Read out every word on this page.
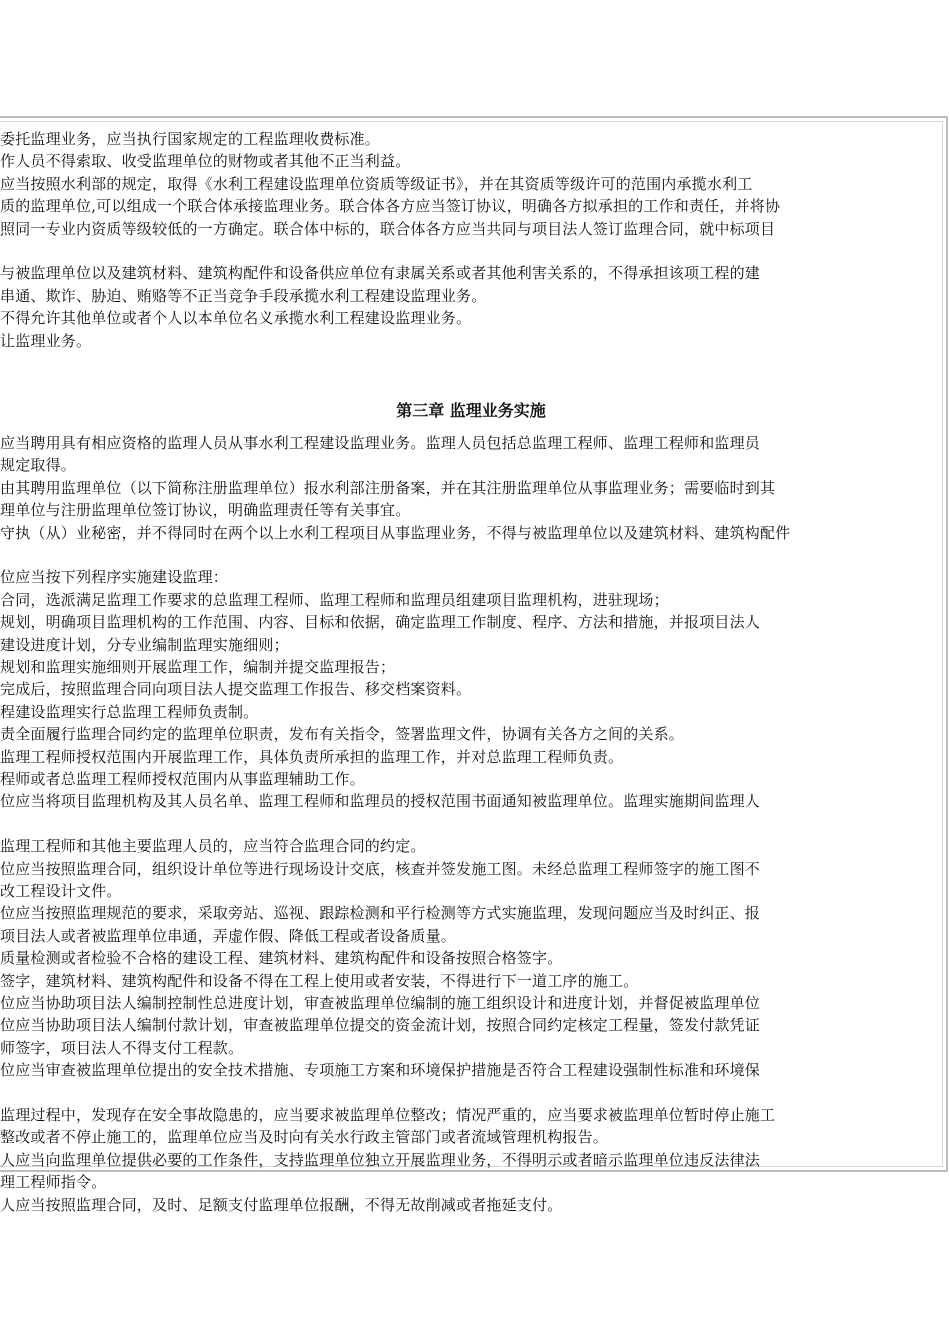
第三章 监理业务实施
委托监理业务，应当执行国家规定的工程监理收费标准。
作人员不得索取、收受监理单位的财物或者其他不正当利益。
应当按照水利部的规定，取得《水利工程建设监理单位资质等级证书》，并在其资质等级许可的范围内承揽水利工
质的监理单位,可以组成一个联合体承接监理业务。联合体各方应当签订协议，明确各方拟承担的工作和责任，并将协
照同一专业内资质等级较低的一方确定。联合体中标的，联合体各方应当共同与项目法人签订监理合同，就中标项目
与被监理单位以及建筑材料、建筑构配件和设备供应单位有隶属关系或者其他利害关系的，不得承担该项工程的建
串通、欺诈、胁迫、贿赂等不正当竞争手段承揽水利工程建设监理业务。
不得允许其他单位或者个人以本单位名义承揽水利工程建设监理业务。
让监理业务。
应当聘用具有相应资格的监理人员从事水利工程建设监理业务。监理人员包括总监理工程师、监理工程师和监理员
规定取得。
由其聘用监理单位（以下简称注册监理单位）报水利部注册备案，并在其注册监理单位从事监理业务；需要临时到其
理单位与注册监理单位签订协议，明确监理责任等有关事宜。
守执（从）业秘密，并不得同时在两个以上水利工程项目从事监理业务，不得与被监理单位以及建筑材料、建筑构配件
位应当按下列程序实施建设监理：
合同，选派满足监理工作要求的总监理工程师、监理工程师和监理员组建项目监理机构，进驻现场；
规划，明确项目监理机构的工作范围、内容、目标和依据，确定监理工作制度、程序、方法和措施，并报项目法人
建设进度计划，分专业编制监理实施细则；
规划和监理实施细则开展监理工作，编制并提交监理报告；
完成后，按照监理合同向项目法人提交监理工作报告、移交档案资料。
程建设监理实行总监理工程师负责制。
责全面履行监理合同约定的监理单位职责，发布有关指令，签署监理文件，协调有关各方之间的关系。
监理工程师授权范围内开展监理工作，具体负责所承担的监理工作，并对总监理工程师负责。
程师或者总监理工程师授权范围内从事监理辅助工作。
位应当将项目监理机构及其人员名单、监理工程师和监理员的授权范围书面通知被监理单位。监理实施期间监理人
监理工程师和其他主要监理人员的，应当符合监理合同的约定。
位应当按照监理合同，组织设计单位等进行现场设计交底，核查并签发施工图。未经总监理工程师签字的施工图不
改工程设计文件。
位应当按照监理规范的要求，采取旁站、巡视、跟踪检测和平行检测等方式实施监理，发现问题应当及时纠正、报
项目法人或者被监理单位串通，弄虚作假、降低工程或者设备质量。
质量检测或者检验不合格的建设工程、建筑材料、建筑构配件和设备按照合格签字。
签字，建筑材料、建筑构配件和设备不得在工程上使用或者安装，不得进行下一道工序的施工。
位应当协助项目法人编制控制性总进度计划，审查被监理单位编制的施工组织设计和进度计划，并督促被监理单位
位应当协助项目法人编制付款计划，审查被监理单位提交的资金流计划，按照合同约定核定工程量，签发付款凭证
师签字，项目法人不得支付工程款。
位应当审查被监理单位提出的安全技术措施、专项施工方案和环境保护措施是否符合工程建设强制性标准和环境保
监理过程中，发现存在安全事故隐患的，应当要求被监理单位整改；情况严重的，应当要求被监理单位暂时停止施工
整改或者不停止施工的，监理单位应当及时向有关水行政主管部门或者流域管理机构报告。
人应当向监理单位提供必要的工作条件，支持监理单位独立开展监理业务，不得明示或者暗示监理单位违反法律法
理工程师指令。
人应当按照监理合同，及时、足额支付监理单位报酬，不得无故削减或者拖延支付。
